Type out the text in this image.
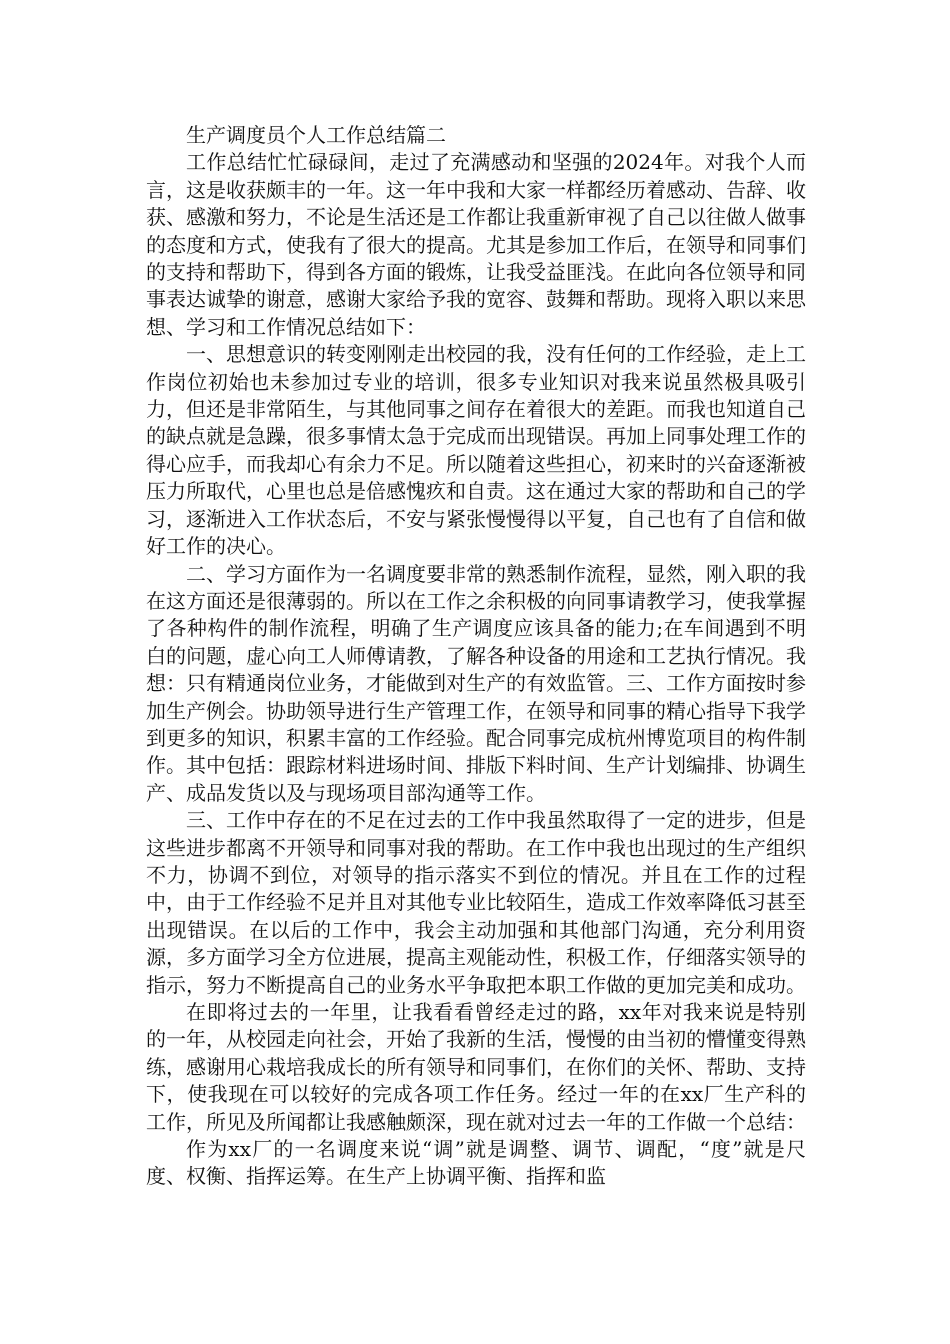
生产调度员个人工作总结篇二

工作总结忙忙碌碌间，走过了充满感动和坚强的2024年。对我个人而言，这是收获颇丰的一年。这一年中我和大家一样都经历着感动、告辞、收获、感激和努力，不论是生活还是工作都让我重新审视了自己以往做人做事的态度和方式，使我有了很大的提高。尤其是参加工作后，在领导和同事们的支持和帮助下，得到各方面的锻炼，让我受益匪浅。在此向各位领导和同事表达诚挚的谢意，感谢大家给予我的宽容、鼓舞和帮助。现将入职以来思想、学习和工作情况总结如下：

一、思想意识的转变刚刚走出校园的我，没有任何的工作经验，走上工作岗位初始也未参加过专业的培训，很多专业知识对我来说虽然极具吸引力，但还是非常陌生，与其他同事之间存在着很大的差距。而我也知道自己的缺点就是急躁，很多事情太急于完成而出现错误。再加上同事处理工作的得心应手，而我却心有余力不足。所以随着这些担心，初来时的兴奋逐渐被压力所取代，心里也总是倍感愧疚和自责。这在通过大家的帮助和自己的学习，逐渐进入工作状态后，不安与紧张慢慢得以平复，自己也有了自信和做好工作的决心。

二、学习方面作为一名调度要非常的熟悉制作流程，显然，刚入职的我在这方面还是很薄弱的。所以在工作之余积极的向同事请教学习，使我掌握了各种构件的制作流程，明确了生产调度应该具备的能力;在车间遇到不明白的问题，虚心向工人师傅请教，了解各种设备的用途和工艺执行情况。我想：只有精通岗位业务，才能做到对生产的有效监管。三、工作方面按时参加生产例会。协助领导进行生产管理工作，在领导和同事的精心指导下我学到更多的知识，积累丰富的工作经验。配合同事完成杭州博览项目的构件制作。其中包括：跟踪材料进场时间、排版下料时间、生产计划编排、协调生产、成品发货以及与现场项目部沟通等工作。

三、工作中存在的不足在过去的工作中我虽然取得了一定的进步，但是这些进步都离不开领导和同事对我的帮助。在工作中我也出现过的生产组织不力，协调不到位，对领导的指示落实不到位的情况。并且在工作的过程中，由于工作经验不足并且对其他专业比较陌生，造成工作效率降低习甚至出现错误。在以后的工作中，我会主动加强和其他部门沟通，充分利用资源，多方面学习全方位进展，提高主观能动性，积极工作，仔细落实领导的指示，努力不断提高自己的业务水平争取把本职工作做的更加完美和成功。

在即将过去的一年里，让我看看曾经走过的路，xx年对我来说是特别的一年，从校园走向社会，开始了我新的生活，慢慢的由当初的懵懂变得熟练，感谢用心栽培我成长的所有领导和同事们，在你们的关怀、帮助、支持下，使我现在可以较好的完成各项工作任务。经过一年的在xx厂生产科的工作，所见及所闻都让我感触颇深，现在就对过去一年的工作做一个总结：

作为xx厂的一名调度来说“调”就是调整、调节、调配，“度”就是尺度、权衡、指挥运筹。在生产上协调平衡、指挥和监
